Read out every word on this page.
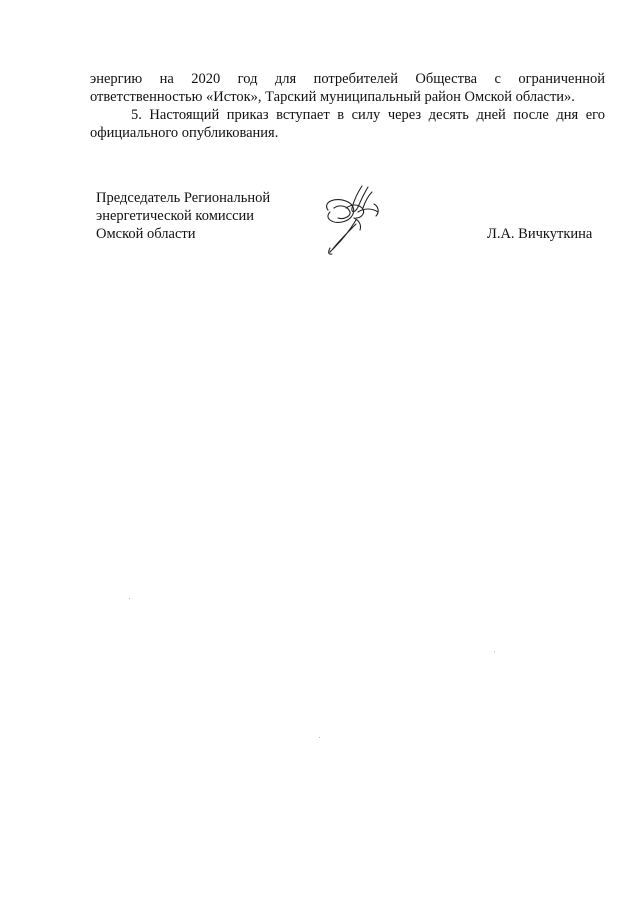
энергию на 2020 год для потребителей Общества с ограниченной
ответственностью «Исток», Тарский муниципальный район Омской области».

5. Настоящий приказ вступает в силу через десять дней после дня его
официального опубликования.

Председатель Региональной
энергетической комиссии
Омской области	Л.А. Вичкуткина
